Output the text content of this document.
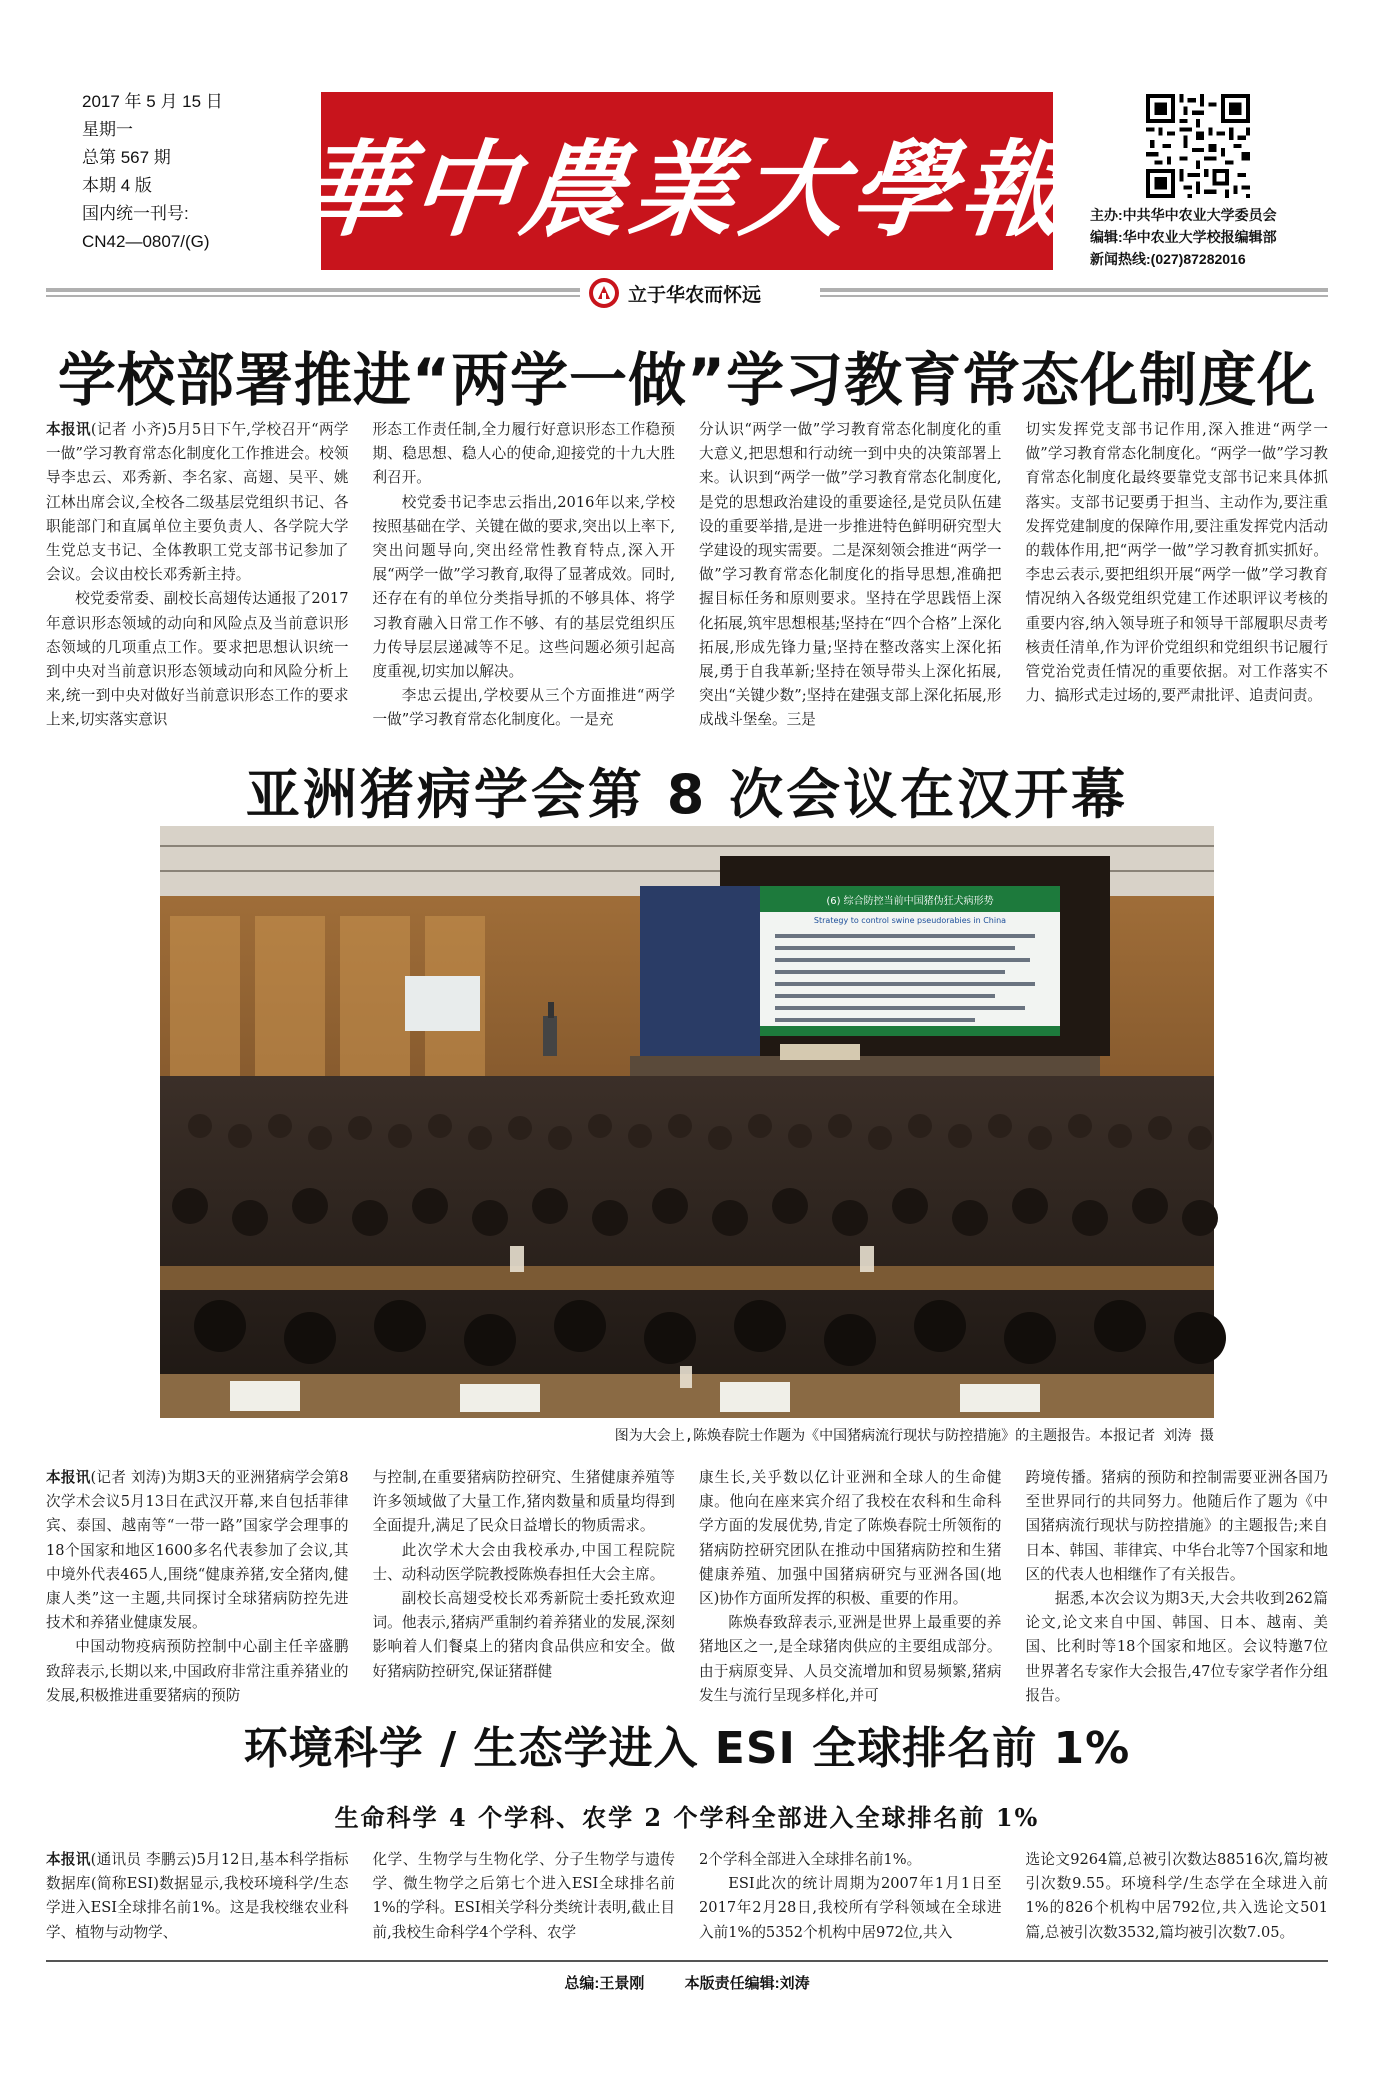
2017 年 5 月 15 日
星期一
总第 567 期
本期 4 版
国内统一刊号:
CN42—0807/(G) 華中農業大學報 主办:中共华中农业大学委员会
编辑:华中农业大学校报编辑部
新闻热线:(027)87282016
立于华农而怀远
学校部署推进“两学一做”学习教育常态化制度化

本报讯(记者 小齐)5月5日下午,学校召开“两学一做”学习教育常态化制度化工作推进会。校领导李忠云、邓秀新、李名家、高翅、吴平、姚江林出席会议,全校各二级基层党组织书记、各职能部门和直属单位主要负责人、各学院大学生党总支书记、全体教职工党支部书记参加了会议。会议由校长邓秀新主持。

校党委常委、副校长高翅传达通报了2017年意识形态领域的动向和风险点及当前意识形态领域的几项重点工作。要求把思想认识统一到中央对当前意识形态领域动向和风险分析上来,统一到中央对做好当前意识形态工作的要求上来,切实落实意识

形态工作责任制,全力履行好意识形态工作稳预期、稳思想、稳人心的使命,迎接党的十九大胜利召开。

校党委书记李忠云指出,2016年以来,学校按照基础在学、关键在做的要求,突出以上率下,突出问题导向,突出经常性教育特点,深入开展“两学一做”学习教育,取得了显著成效。同时,还存在有的单位分类指导抓的不够具体、将学习教育融入日常工作不够、有的基层党组织压力传导层层递减等不足。这些问题必须引起高度重视,切实加以解决。

李忠云提出,学校要从三个方面推进“两学一做”学习教育常态化制度化。一是充

分认识“两学一做”学习教育常态化制度化的重大意义,把思想和行动统一到中央的决策部署上来。认识到“两学一做”学习教育常态化制度化,是党的思想政治建设的重要途径,是党员队伍建设的重要举措,是进一步推进特色鲜明研究型大学建设的现实需要。二是深刻领会推进“两学一做”学习教育常态化制度化的指导思想,准确把握目标任务和原则要求。坚持在学思践悟上深化拓展,筑牢思想根基;坚持在“四个合格”上深化拓展,形成先锋力量;坚持在整改落实上深化拓展,勇于自我革新;坚持在领导带头上深化拓展,突出“关键少数”;坚持在建强支部上深化拓展,形成战斗堡垒。三是

切实发挥党支部书记作用,深入推进“两学一做”学习教育常态化制度化。“两学一做”学习教育常态化制度化最终要靠党支部书记来具体抓落实。支部书记要勇于担当、主动作为,要注重发挥党建制度的保障作用,要注重发挥党内活动的载体作用,把“两学一做”学习教育抓实抓好。李忠云表示,要把组织开展“两学一做”学习教育情况纳入各级党组织党建工作述职评议考核的重要内容,纳入领导班子和领导干部履职尽责考核责任清单,作为评价党组织和党组织书记履行管党治党责任情况的重要依据。对工作落实不力、搞形式走过场的,要严肃批评、追责问责。

亚洲猪病学会第 8 次会议在汉开幕
(6) 综合防控当前中国猪伪狂犬病形势
Strategy to control swine pseudorabies in China
图为大会上,陈焕春院士作题为《中国猪病流行现状与防控措施》的主题报告。本报记者 刘涛 摄

本报讯(记者 刘涛)为期3天的亚洲猪病学会第8次学术会议5月13日在武汉开幕,来自包括菲律宾、泰国、越南等“一带一路”国家学会理事的18个国家和地区1600多名代表参加了会议,其中境外代表465人,围绕“健康养猪,安全猪肉,健康人类”这一主题,共同探讨全球猪病防控先进技术和养猪业健康发展。

中国动物疫病预防控制中心副主任辛盛鹏致辞表示,长期以来,中国政府非常注重养猪业的发展,积极推进重要猪病的预防

与控制,在重要猪病防控研究、生猪健康养殖等许多领域做了大量工作,猪肉数量和质量均得到全面提升,满足了民众日益增长的物质需求。

此次学术大会由我校承办,中国工程院院士、动科动医学院教授陈焕春担任大会主席。

副校长高翅受校长邓秀新院士委托致欢迎词。他表示,猪病严重制约着养猪业的发展,深刻影响着人们餐桌上的猪肉食品供应和安全。做好猪病防控研究,保证猪群健

康生长,关乎数以亿计亚洲和全球人的生命健康。他向在座来宾介绍了我校在农科和生命科学方面的发展优势,肯定了陈焕春院士所领衔的猪病防控研究团队在推动中国猪病防控和生猪健康养殖、加强中国猪病研究与亚洲各国(地区)协作方面所发挥的积极、重要的作用。

陈焕春致辞表示,亚洲是世界上最重要的养猪地区之一,是全球猪肉供应的主要组成部分。由于病原变异、人员交流增加和贸易频繁,猪病发生与流行呈现多样化,并可

跨境传播。猪病的预防和控制需要亚洲各国乃至世界同行的共同努力。他随后作了题为《中国猪病流行现状与防控措施》的主题报告;来自日本、韩国、菲律宾、中华台北等7个国家和地区的代表人也相继作了有关报告。

据悉,本次会议为期3天,大会共收到262篇论文,论文来自中国、韩国、日本、越南、美国、比利时等18个国家和地区。会议特邀7位世界著名专家作大会报告,47位专家学者作分组报告。

环境科学 / 生态学进入 ESI 全球排名前 1%
生命科学 4 个学科、农学 2 个学科全部进入全球排名前 1%

本报讯(通讯员 李鹏云)5月12日,基本科学指标数据库(简称ESI)数据显示,我校环境科学/生态学进入ESI全球排名前1%。这是我校继农业科学、植物与动物学、

化学、生物学与生物化学、分子生物学与遗传学、微生物学之后第七个进入ESI全球排名前1%的学科。ESI相关学科分类统计表明,截止目前,我校生命科学4个学科、农学

2个学科全部进入全球排名前1%。

ESI此次的统计周期为2007年1月1日至2017年2月28日,我校所有学科领域在全球进入前1%的5352个机构中居972位,共入

选论文9264篇,总被引次数达88516次,篇均被引次数9.55。环境科学/生态学在全球进入前1%的826个机构中居792位,共入选论文501篇,总被引次数3532,篇均被引次数7.05。

总编:王景刚	本版责任编辑:刘涛
